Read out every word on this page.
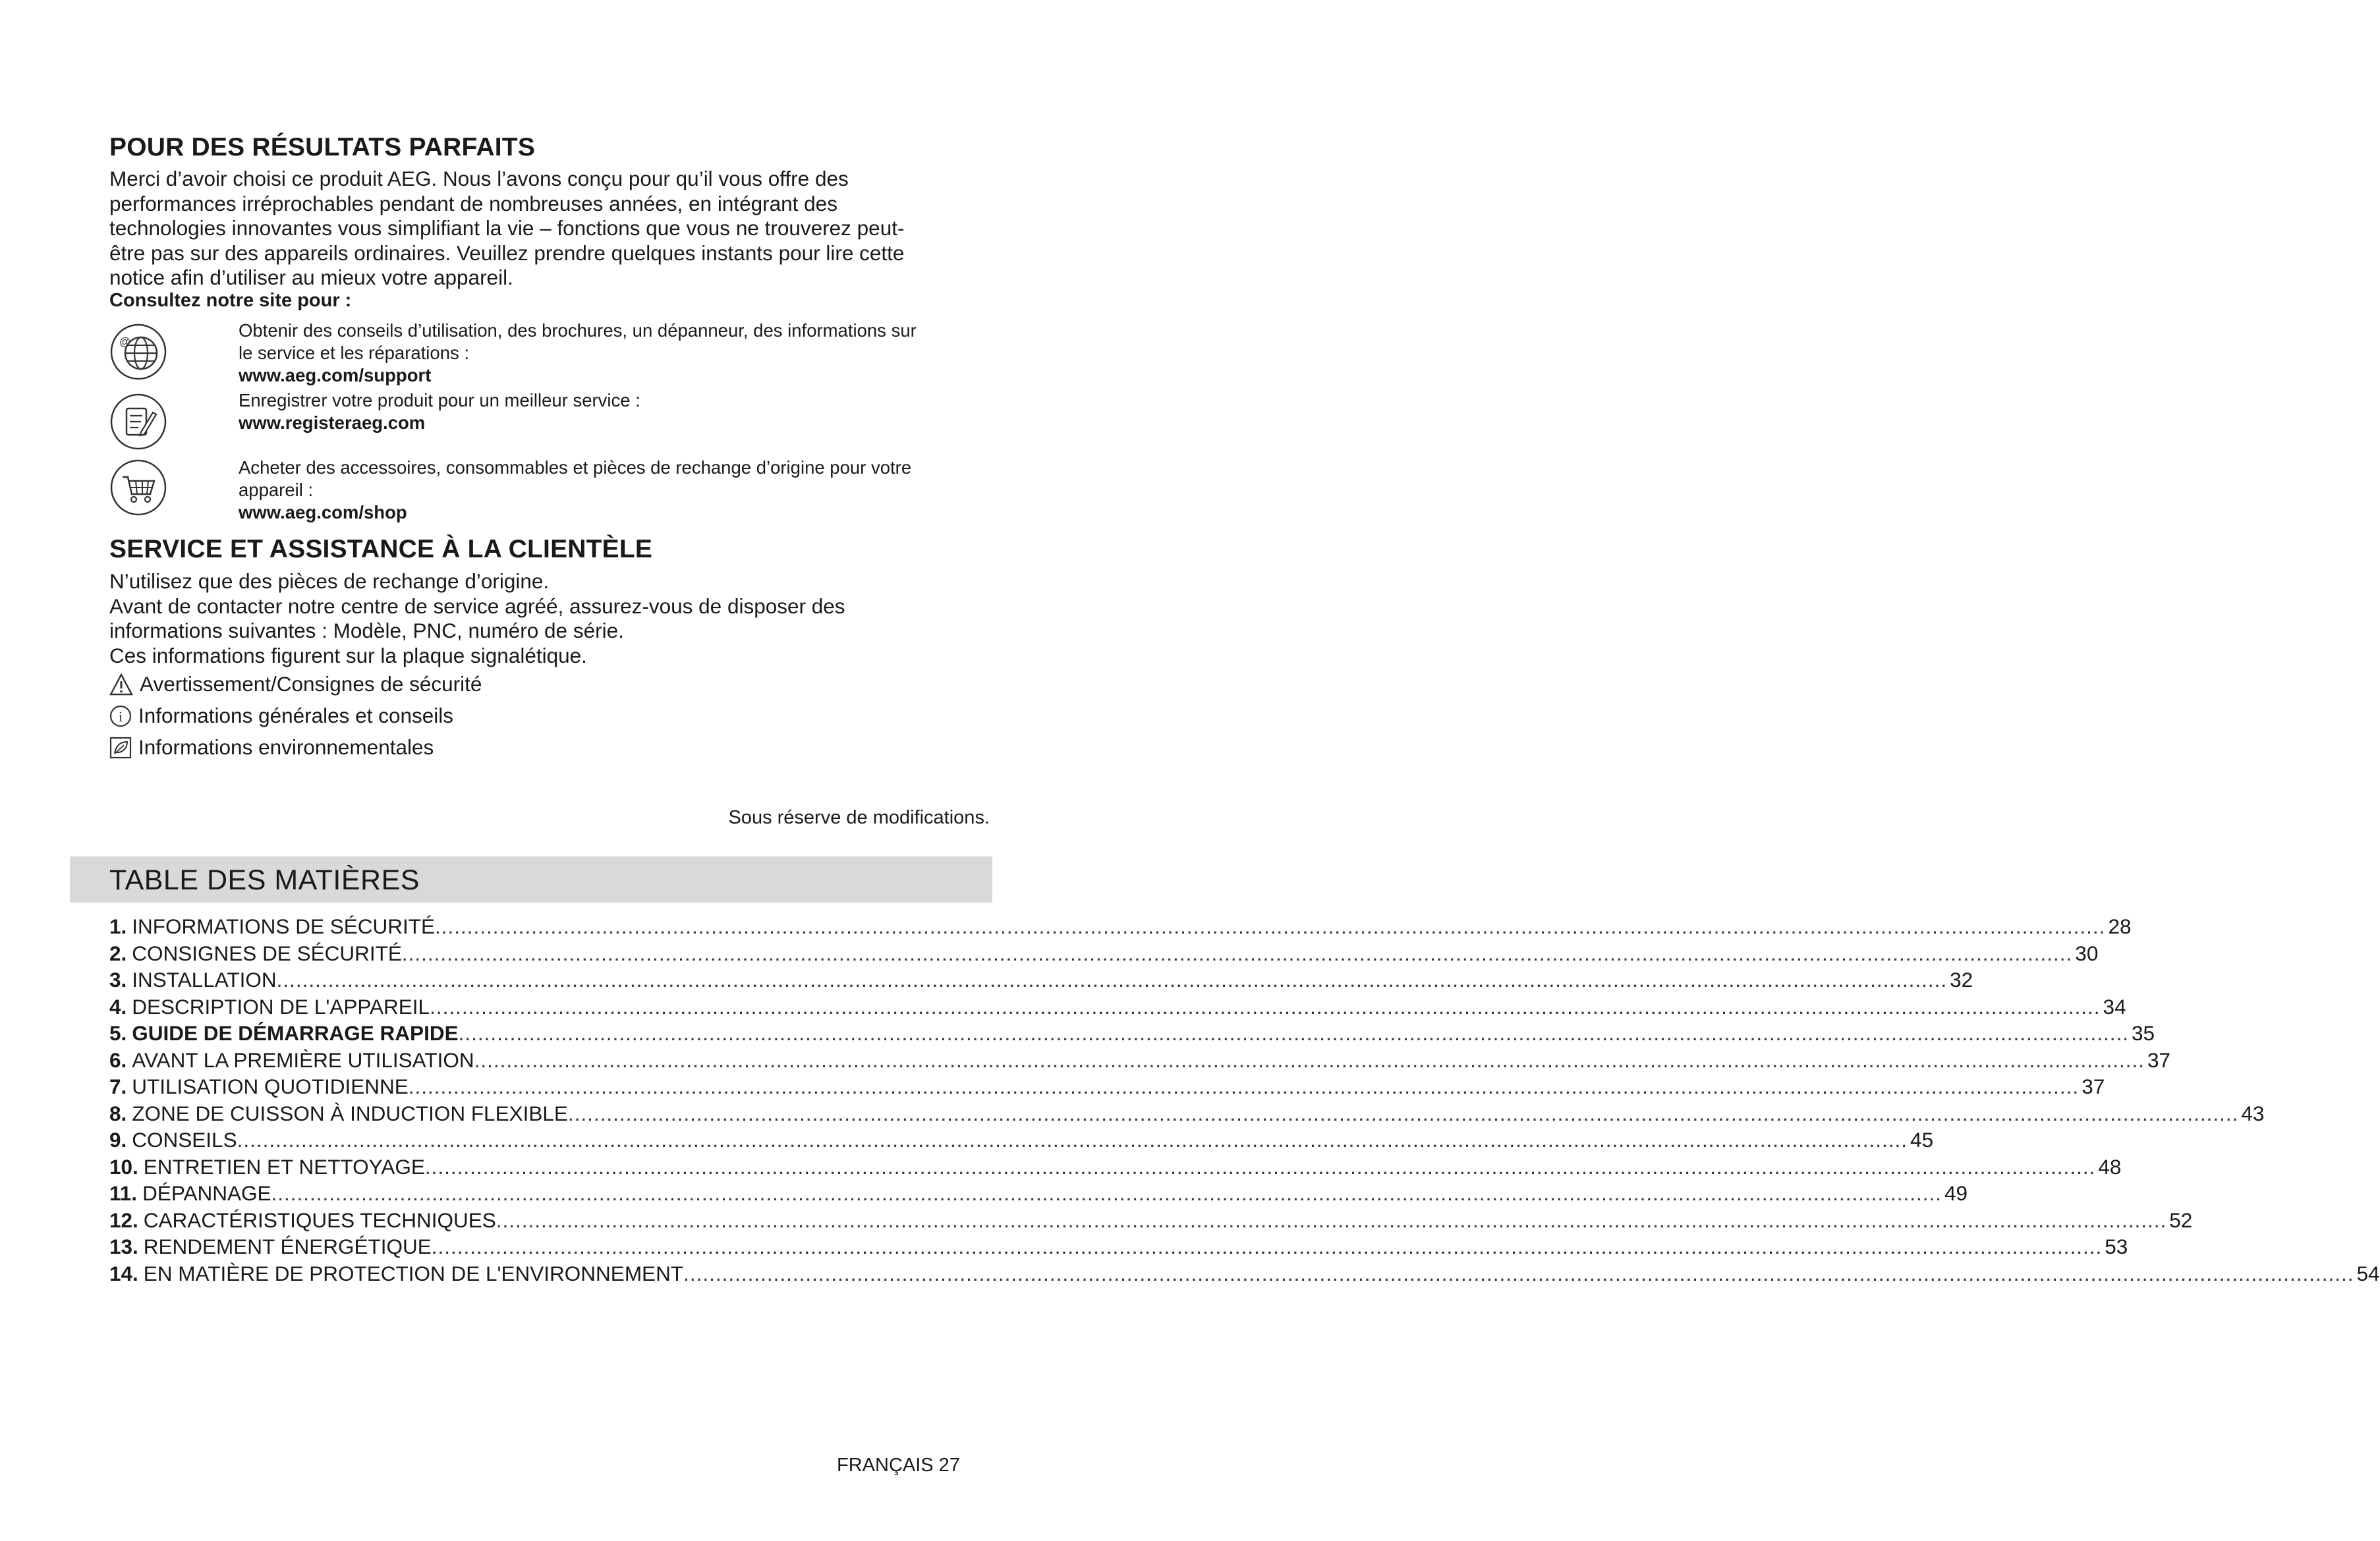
POUR DES RÉSULTATS PARFAITS

Merci d’avoir choisi ce produit AEG. Nous l’avons conçu pour qu’il vous offre des

performances irréprochables pendant de nombreuses années, en intégrant des

technologies innovantes vous simplifiant la vie – fonctions que vous ne trouverez peut-

être pas sur des appareils ordinaires. Veuillez prendre quelques instants pour lire cette

notice afin d’utiliser au mieux votre appareil.

Consultez notre site pour :
@

Obtenir des conseils d’utilisation, des brochures, un dépanneur, des informations sur

le service et les réparations :

www.aeg.com/support

Enregistrer votre produit pour un meilleur service :

www.registeraeg.com

Acheter des accessoires, consommables et pièces de rechange d’origine pour votre

appareil :

www.aeg.com/shop

SERVICE ET ASSISTANCE À LA CLIENTÈLE

N’utilisez que des pièces de rechange d’origine.

Avant de contacter notre centre de service agréé, assurez-vous de disposer des

informations suivantes : Modèle, PNC, numéro de série.

Ces informations figurent sur la plaque signalétique.

Avertissement/Consignes de sécurité
i Informations générales et conseils
Informations environnementales
Sous réserve de modifications.
TABLE DES MATIÈRES
1. INFORMATIONS DE SÉCURITÉ .................................................................................................................................................................................................................................................................... 28
2. CONSIGNES DE SÉCURITÉ .................................................................................................................................................................................................................................................................... 30
3. INSTALLATION .................................................................................................................................................................................................................................................................... 32
4. DESCRIPTION DE L'APPAREIL .................................................................................................................................................................................................................................................................... 34
5. GUIDE DE DÉMARRAGE RAPIDE .................................................................................................................................................................................................................................................................... 35
6. AVANT LA PREMIÈRE UTILISATION .................................................................................................................................................................................................................................................................... 37
7. UTILISATION QUOTIDIENNE .................................................................................................................................................................................................................................................................... 37
8. ZONE DE CUISSON À INDUCTION FLEXIBLE .................................................................................................................................................................................................................................................................... 43
9. CONSEILS .................................................................................................................................................................................................................................................................... 45
10. ENTRETIEN ET NETTOYAGE .................................................................................................................................................................................................................................................................... 48
11. DÉPANNAGE .................................................................................................................................................................................................................................................................... 49
12. CARACTÉRISTIQUES TECHNIQUES .................................................................................................................................................................................................................................................................... 52
13. RENDEMENT ÉNERGÉTIQUE .................................................................................................................................................................................................................................................................... 53
14. EN MATIÈRE DE PROTECTION DE L'ENVIRONNEMENT .................................................................................................................................................................................................................................................................... 54
FRANÇAIS 27
